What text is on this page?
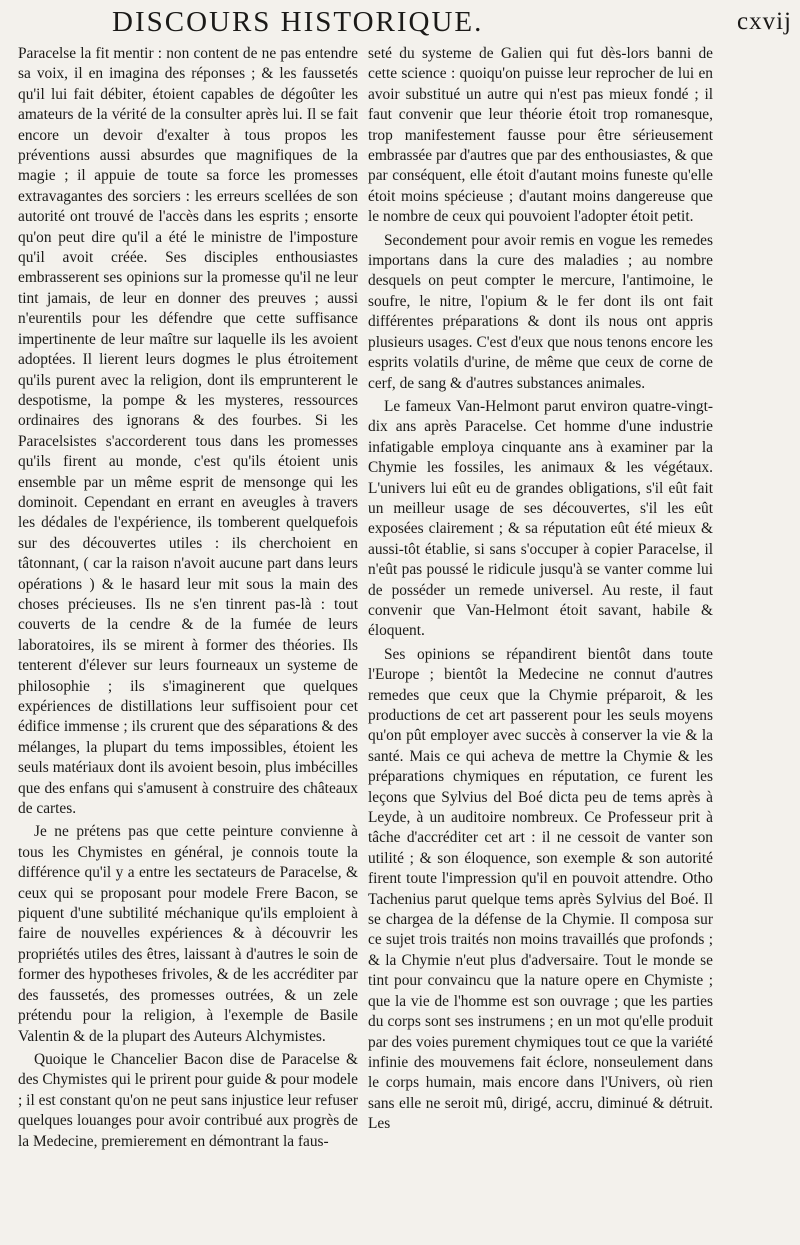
DISCOURS HISTORIQUE.	cxvij

Paracelse la fit mentir : non content de ne pas entendre sa voix, il en imagina des réponses ; & les faussetés qu'il lui fait débiter, étoient capables de dégoûter les amateurs de la vérité de la consulter après lui. Il se fait encore un devoir d'exalter à tous propos les préventions aussi absurdes que magnifiques de la magie ; il appuie de toute sa force les promesses extravagantes des sorciers : les erreurs scellées de son autorité ont trouvé de l'accès dans les esprits ; ensorte qu'on peut dire qu'il a été le ministre de l'imposture qu'il avoit créée. Ses disciples enthousiastes embrasserent ses opinions sur la promesse qu'il ne leur tint jamais, de leur en donner des preuves ; aussi n'eurentils pour les défendre que cette suffisance impertinente de leur maître sur laquelle ils les avoient adoptées. Il lierent leurs dogmes le plus étroitement qu'ils purent avec la religion, dont ils emprunterent le despotisme, la pompe & les mysteres, ressources ordinaires des ignorans & des fourbes. Si les Paracelsistes s'accorderent tous dans les promesses qu'ils firent au monde, c'est qu'ils étoient unis ensemble par un même esprit de mensonge qui les dominoit. Cependant en errant en aveugles à travers les dédales de l'expérience, ils tomberent quelquefois sur des découvertes utiles : ils cherchoient en tâtonnant, ( car la raison n'avoit aucune part dans leurs opérations ) & le hasard leur mit sous la main des choses précieuses. Ils ne s'en tinrent pas-là : tout couverts de la cendre & de la fumée de leurs laboratoires, ils se mirent à former des théories. Ils tenterent d'élever sur leurs fourneaux un systeme de philosophie ; ils s'imaginerent que quelques expériences de distillations leur suffisoient pour cet édifice immense ; ils crurent que des séparations & des mélanges, la plupart du tems impossibles, étoient les seuls matériaux dont ils avoient besoin, plus imbécilles que des enfans qui s'amusent à construire des châteaux de cartes.

Je ne prétens pas que cette peinture convienne à tous les Chymistes en général, je connois toute la différence qu'il y a entre les sectateurs de Paracelse, & ceux qui se proposant pour modele Frere Bacon, se piquent d'une subtilité méchanique qu'ils emploient à faire de nouvelles expériences & à découvrir les propriétés utiles des êtres, laissant à d'autres le soin de former des hypotheses frivoles, & de les accréditer par des faussetés, des promesses outrées, & un zele prétendu pour la religion, à l'exemple de Basile Valentin & de la plupart des Auteurs Alchymistes.

Quoique le Chancelier Bacon dise de Paracelse & des Chymistes qui le prirent pour guide & pour modele ; il est constant qu'on ne peut sans injustice leur refuser quelques louanges pour avoir contribué aux progrès de la Medecine, premierement en démontrant la faus-

seté du systeme de Galien qui fut dès-lors banni de cette science : quoiqu'on puisse leur reprocher de lui en avoir substitué un autre qui n'est pas mieux fondé ; il faut convenir que leur théorie étoit trop romanesque, trop manifestement fausse pour être sérieusement embrassée par d'autres que par des enthousiastes, & que par conséquent, elle étoit d'autant moins funeste qu'elle étoit moins spécieuse ; d'autant moins dangereuse que le nombre de ceux qui pouvoient l'adopter étoit petit.

Secondement pour avoir remis en vogue les remedes importans dans la cure des maladies ; au nombre desquels on peut compter le mercure, l'antimoine, le soufre, le nitre, l'opium & le fer dont ils ont fait différentes préparations & dont ils nous ont appris plusieurs usages. C'est d'eux que nous tenons encore les esprits volatils d'urine, de même que ceux de corne de cerf, de sang & d'autres substances animales.

Le fameux Van-Helmont parut environ quatre-vingt-dix ans après Paracelse. Cet homme d'une industrie infatigable employa cinquante ans à examiner par la Chymie les fossiles, les animaux & les végétaux. L'univers lui eût eu de grandes obligations, s'il eût fait un meilleur usage de ses découvertes, s'il les eût exposées clairement ; & sa réputation eût été mieux & aussi-tôt établie, si sans s'occuper à copier Paracelse, il n'eût pas poussé le ridicule jusqu'à se vanter comme lui de posséder un remede universel. Au reste, il faut convenir que Van-Helmont étoit savant, habile & éloquent.

Ses opinions se répandirent bientôt dans toute l'Europe ; bientôt la Medecine ne connut d'autres remedes que ceux que la Chymie préparoit, & les productions de cet art passerent pour les seuls moyens qu'on pût employer avec succès à conserver la vie & la santé. Mais ce qui acheva de mettre la Chymie & les préparations chymiques en réputation, ce furent les leçons que Sylvius del Boé dicta peu de tems après à Leyde, à un auditoire nombreux. Ce Professeur prit à tâche d'accréditer cet art : il ne cessoit de vanter son utilité ; & son éloquence, son exemple & son autorité firent toute l'impression qu'il en pouvoit attendre. Otho Tachenius parut quelque tems après Sylvius del Boé. Il se chargea de la défense de la Chymie. Il composa sur ce sujet trois traités non moins travaillés que profonds ; & la Chymie n'eut plus d'adversaire. Tout le monde se tint pour convaincu que la nature opere en Chymiste ; que la vie de l'homme est son ouvrage ; que les parties du corps sont ses instrumens ; en un mot qu'elle produit par des voies purement chymiques tout ce que la variété infinie des mouvemens fait éclore, nonseulement dans le corps humain, mais encore dans l'Univers, où rien sans elle ne seroit mû, dirigé, accru, diminué & détruit. Les
